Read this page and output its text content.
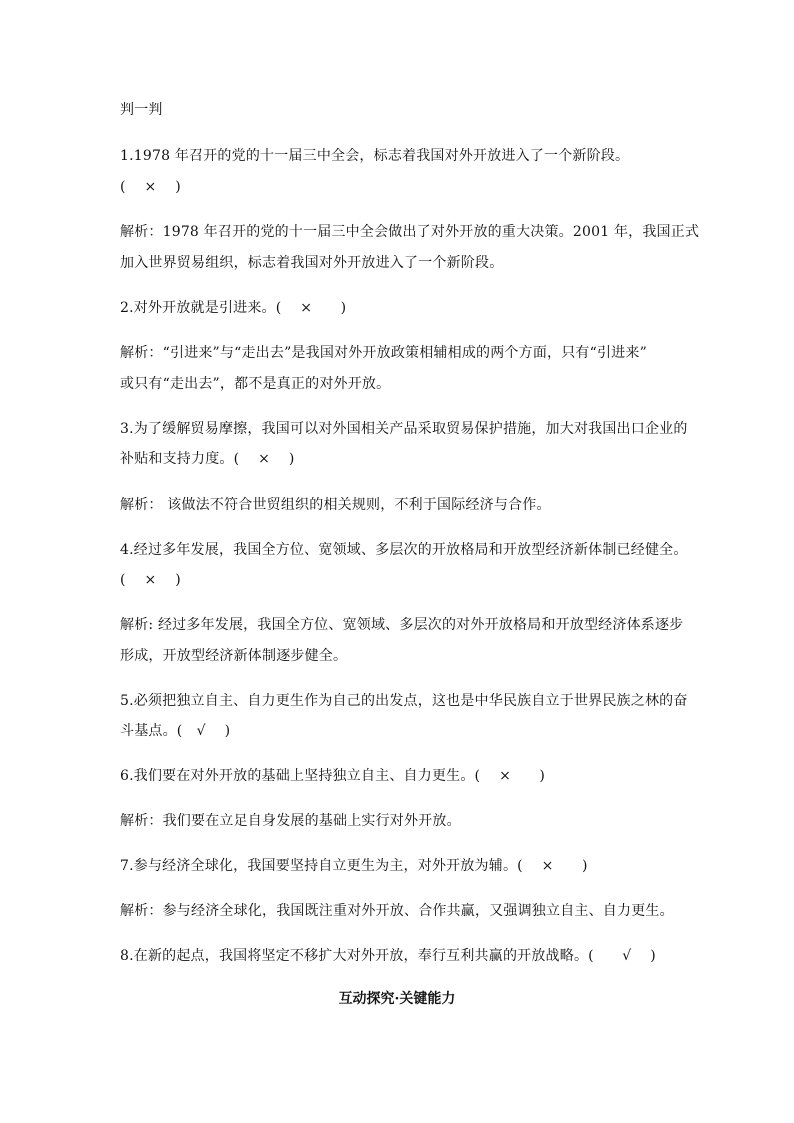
判一判
1.1978 年召开的党的十一届三中全会，标志着我国对外开放进入了一个新阶段。
(　 ×　 )
解析：1978 年召开的党的十一届三中全会做出了对外开放的重大决策。2001 年，我国正式
加入世界贸易组织，标志着我国对外开放进入了一个新阶段。
2.对外开放就是引进来。(　 ×　　)
解析：“引进来”与“走出去”是我国对外开放政策相辅相成的两个方面，只有“引进来”
或只有“走出去”，都不是真正的对外开放。
3.为了缓解贸易摩擦，我国可以对外国相关产品采取贸易保护措施，加大对我国出口企业的
补贴和支持力度。(　 ×　 )
解析： 该做法不符合世贸组织的相关规则，不利于国际经济与合作。
4.经过多年发展，我国全方位、宽领域、多层次的开放格局和开放型经济新体制已经健全。
(　 ×　 )
解析: 经过多年发展，我国全方位、宽领域、多层次的对外开放格局和开放型经济体系逐步
形成，开放型经济新体制逐步健全。
5.必须把独立自主、自力更生作为自己的出发点，这也是中华民族自立于世界民族之林的奋
斗基点。(　√　 )
6.我们要在对外开放的基础上坚持独立自主、自力更生。(　 ×　　)
解析：我们要在立足自身发展的基础上实行对外开放。
7.参与经济全球化，我国要坚持自立更生为主，对外开放为辅。(　 ×　　)
解析：参与经济全球化，我国既注重对外开放、合作共赢，又强调独立自主、自力更生。
8.在新的起点，我国将坚定不移扩大对外开放，奉行互利共赢的开放战略。(　　√　 )
互动探究·关键能力
